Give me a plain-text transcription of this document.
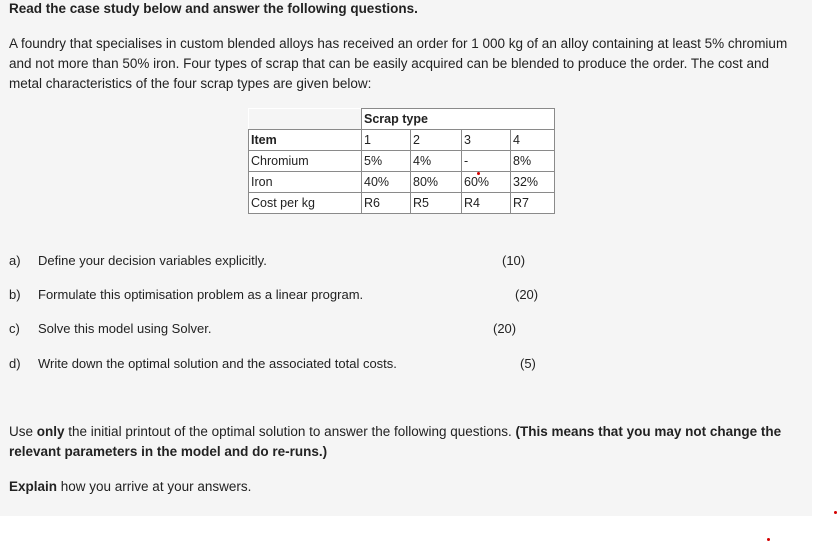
Read the case study below and answer the following questions.
A foundry that specialises in custom blended alloys has received an order for 1 000 kg of an alloy containing at least 5% chromium and not more than 50% iron. Four types of scrap that can be easily acquired can be blended to produce the order. The cost and metal characteristics of the four scrap types are given below:
	Scrap type			
Item	1	2	3	4
Chromium	5%	4%	-	8%
Iron	40%	80%	60%	32%
Cost per kg	R6	R5	R4	R7
a) Define your decision variables explicitly.	(10)
b) Formulate this optimisation problem as a linear program.	(20)
c) Solve this model using Solver.	(20)
d) Write down the optimal solution and the associated total costs.	(5)
Use only the initial printout of the optimal solution to answer the following questions. (This means that you may not change the relevant parameters in the model and do re-runs.)
Explain how you arrive at your answers.
